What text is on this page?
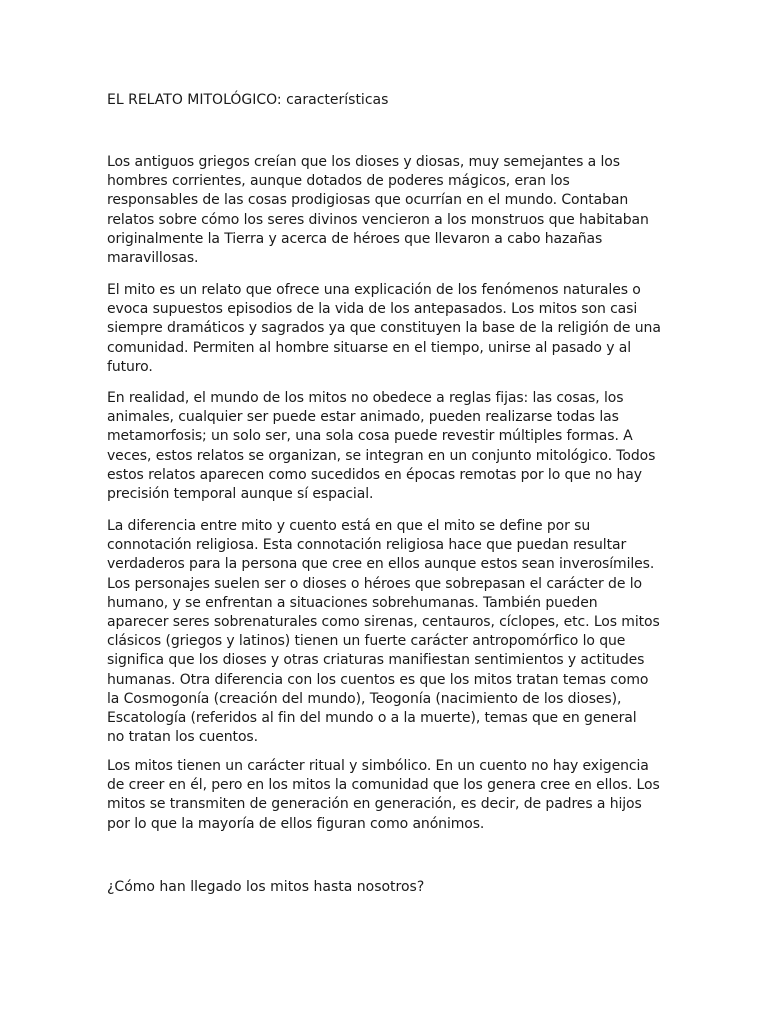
EL RELATO MITOLÓGICO: características
Los antiguos griegos creían que los dioses y diosas, muy semejantes a los
hombres corrientes, aunque dotados de poderes mágicos, eran los
responsables de las cosas prodigiosas que ocurrían en el mundo. Contaban
relatos sobre cómo los seres divinos vencieron a los monstruos que habitaban
originalmente la Tierra y acerca de héroes que llevaron a cabo hazañas
maravillosas.
El mito es un relato que ofrece una explicación de los fenómenos naturales o
evoca supuestos episodios de la vida de los antepasados. Los mitos son casi
siempre dramáticos y sagrados ya que constituyen la base de la religión de una
comunidad. Permiten al hombre situarse en el tiempo, unirse al pasado y al
futuro.
En realidad, el mundo de los mitos no obedece a reglas fijas: las cosas, los
animales, cualquier ser puede estar animado, pueden realizarse todas las
metamorfosis; un solo ser, una sola cosa puede revestir múltiples formas. A
veces, estos relatos se organizan, se integran en un conjunto mitológico. Todos
estos relatos aparecen como sucedidos en épocas remotas por lo que no hay
precisión temporal aunque sí espacial.
La diferencia entre mito y cuento está en que el mito se define por su
connotación religiosa. Esta connotación religiosa hace que puedan resultar
verdaderos para la persona que cree en ellos aunque estos sean inverosímiles.
Los personajes suelen ser o dioses o héroes que sobrepasan el carácter de lo
humano, y se enfrentan a situaciones sobrehumanas. También pueden
aparecer seres sobrenaturales como sirenas, centauros, cíclopes, etc. Los mitos
clásicos (griegos y latinos) tienen un fuerte carácter antropomórfico lo que
significa que los dioses y otras criaturas manifiestan sentimientos y actitudes
humanas. Otra diferencia con los cuentos es que los mitos tratan temas como
la Cosmogonía (creación del mundo), Teogonía (nacimiento de los dioses),
Escatología (referidos al fin del mundo o a la muerte), temas que en general
no tratan los cuentos.
Los mitos tienen un carácter ritual y simbólico. En un cuento no hay exigencia
de creer en él, pero en los mitos la comunidad que los genera cree en ellos. Los
mitos se transmiten de generación en generación, es decir, de padres a hijos
por lo que la mayoría de ellos figuran como anónimos.

¿Cómo han llegado los mitos hasta nosotros?
